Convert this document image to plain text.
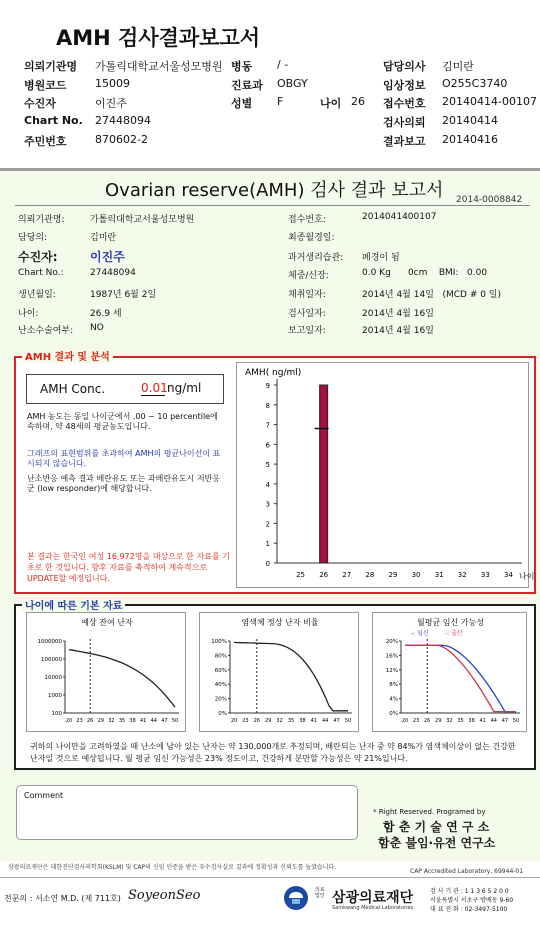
AMH 검사결과보고서
의뢰기관명 가톨릭대학교서울성모병원 병동 / -	담당의사 김미란
병원코드	15009	진료과 OBGY	임상정보 O255C3740
수진자	이진주	성별 F	나이 26 접수번호 20140414-00107
Chart No. 27448094	검사의뢰 20140414
주민번호	870602-2	결과보고 20140416
Ovarian reserve(AMH) 검사 결과 보고서 2014-0008842
의뢰기관명:	가톨릭대학교서울성모병원
담당의:	김미란
수진자:	이진주
Chart No.:	27448094
생년월일:	1987년 6월 2일
나이:	26.9 세
난소수술여부: NO
접수번호:	2014041400107
최종월경일:
과거생리습관: 폐경이 됨
체중/신장:	0.0 Kg      0cm    BMI:   0.00
채취일자:	2014년 4월 14일   (MCD # 0 일)
검사일자:	2014년 4월 16일
보고일자:	2014년 4월 16일
AMH 결과 및 분석
AMH Conc.	0.01 ng/ml
AMH 농도는 동일 나이군에서 .00 ~ 10 percentile에 속하며, 약 48세의 평균농도입니다.
그래프의 표현범위를 초과하여 AMH의 평균나이선이 표시되지 않습니다.
난소반응 예측 결과 배란유도 또는 과배란유도시 저반응군 (low responder)에 해당합니다.
본 결과는 한국인 여성 16,972명을 대상으로 한 자료를 기초로 한 것입니다. 향후 자료를 축적하여 계속적으로 UPDATE할 예정입니다.
AMH( ng/ml)
0
1
2
3
4
5
6
7
8
9
25 26 27 28 29 30 31 32 33 34 나이
나이에 따른 기본 자료
예상 잔여 난자
1000000
100000
10000
1000
100
20 23 26 29 32 35 38 41 44 47 50
염색체 정상 난자 비율
100%
80%
60%
40%
20%
0%
20 23 26 29 32 35 38 41 44 47 50
월평균 임신 가능성
20%
16%
12%
8%
4%
0%
20 23 26 29 32 35 38 41 44 47 50
-: 임신	-: 출산
귀하의 나이만을 고려하였을 때 난소에 남아 있는 난자는 약 130,000개로 추정되며, 배란되는 난자 중 약 84%가 염색체이상이 없는 건강한 난자일 것으로 예상됩니다. 월 평균 임신 가능성은 23% 정도이고, 건강하게 분만할 가능성은 약 21%입니다.
Comment
* Right Reserved. Programed by
함 춘 기 술 연 구 소
함춘 불임·유전 연구소
삼광의료재단은 대한진단검사의학회(KSLM) 및 CAP의 신임 인증을 받은 우수검사실로 결과에 정확성과 신뢰도를 높였습니다.
CAP Accredited Laboratory, 69944-01
전문의 : 서소연 M.D. (제 711호) SoyeonSeo	삼광의료재단
Samkwang Medical Laboratories
의료
법인
검 사 기 관 : 1 1 3 6 5 2 0 0
서울특별시 서초구 방배동 9-60
대 표 전 화 : 02-3497-5100
